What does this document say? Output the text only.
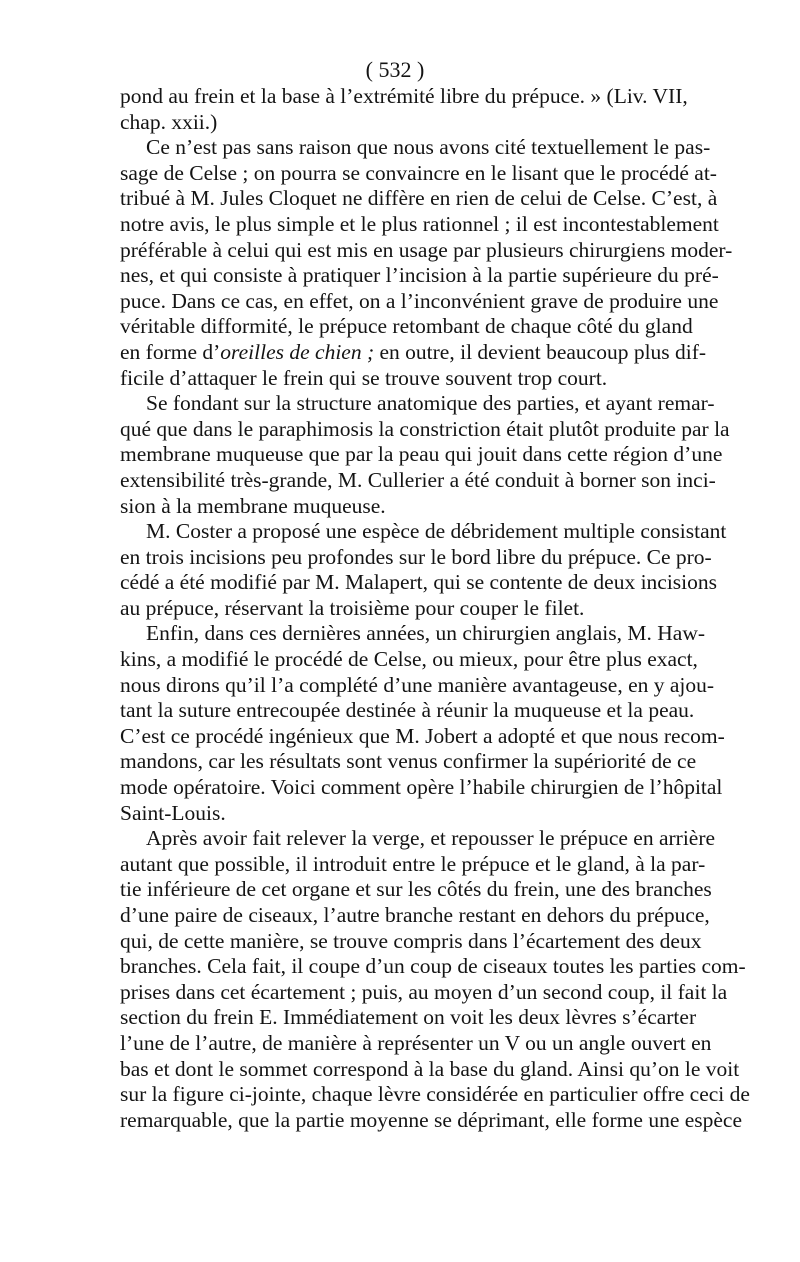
( 532 )
pond au frein et la base à l’extrémité libre du prépuce. » (Liv. VII,
chap. xxii.)
Ce n’est pas sans raison que nous avons cité textuellement le pas-
sage de Celse ; on pourra se convaincre en le lisant que le procédé at-
tribué à M. Jules Cloquet ne diffère en rien de celui de Celse. C’est, à
notre avis, le plus simple et le plus rationnel ; il est incontestablement
préférable à celui qui est mis en usage par plusieurs chirurgiens moder-
nes, et qui consiste à pratiquer l’incision à la partie supérieure du pré-
puce. Dans ce cas, en effet, on a l’inconvénient grave de produire une
véritable difformité, le prépuce retombant de chaque côté du gland
en forme d’oreilles de chien ; en outre, il devient beaucoup plus dif-
ficile d’attaquer le frein qui se trouve souvent trop court.
Se fondant sur la structure anatomique des parties, et ayant remar-
qué que dans le paraphimosis la constriction était plutôt produite par la
membrane muqueuse que par la peau qui jouit dans cette région d’une
extensibilité très-grande, M. Cullerier a été conduit à borner son inci-
sion à la membrane muqueuse.
M. Coster a proposé une espèce de débridement multiple consistant
en trois incisions peu profondes sur le bord libre du prépuce. Ce pro-
cédé a été modifié par M. Malapert, qui se contente de deux incisions
au prépuce, réservant la troisième pour couper le filet.
Enfin, dans ces dernières années, un chirurgien anglais, M. Haw-
kins, a modifié le procédé de Celse, ou mieux, pour être plus exact,
nous dirons qu’il l’a complété d’une manière avantageuse, en y ajou-
tant la suture entrecoupée destinée à réunir la muqueuse et la peau.
C’est ce procédé ingénieux que M. Jobert a adopté et que nous recom-
mandons, car les résultats sont venus confirmer la supériorité de ce
mode opératoire. Voici comment opère l’habile chirurgien de l’hôpital
Saint-Louis.
Après avoir fait relever la verge, et repousser le prépuce en arrière
autant que possible, il introduit entre le prépuce et le gland, à la par-
tie inférieure de cet organe et sur les côtés du frein, une des branches
d’une paire de ciseaux, l’autre branche restant en dehors du prépuce,
qui, de cette manière, se trouve compris dans l’écartement des deux
branches. Cela fait, il coupe d’un coup de ciseaux toutes les parties com-
prises dans cet écartement ; puis, au moyen d’un second coup, il fait la
section du frein E. Immédiatement on voit les deux lèvres s’écarter
l’une de l’autre, de manière à représenter un V ou un angle ouvert en
bas et dont le sommet correspond à la base du gland. Ainsi qu’on le voit
sur la figure ci-jointe, chaque lèvre considérée en particulier offre ceci de
remarquable, que la partie moyenne se déprimant, elle forme une espèce
